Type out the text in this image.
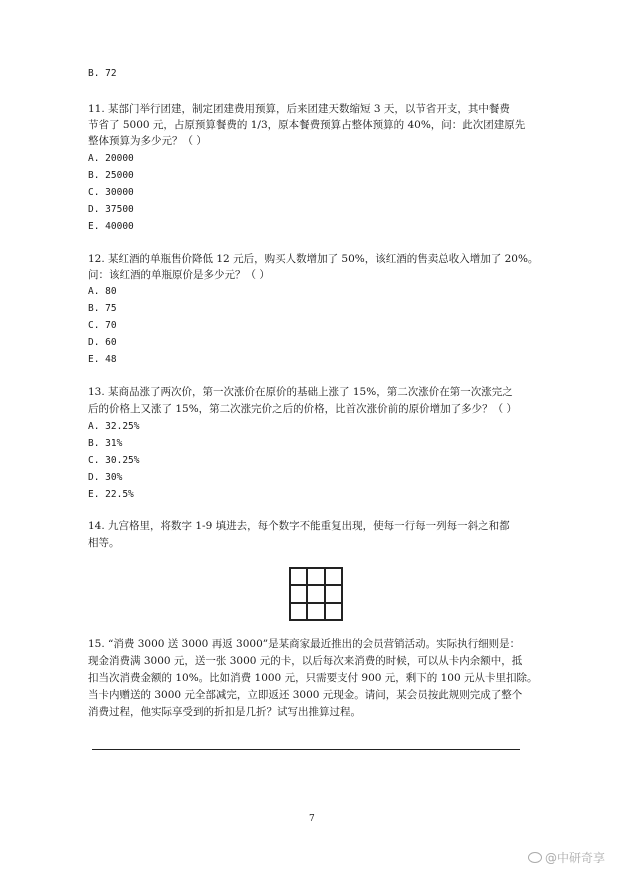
B. 72
11. 某部门举行团建，制定团建费用预算，后来团建天数缩短 3 天，以节省开支，其中餐费
节省了 5000 元，占原预算餐费的 1/3，原本餐费预算占整体预算的 40%，问：此次团建原先
整体预算为多少元？（ ）
A. 20000
B. 25000
C. 30000
D. 37500
E. 40000
12. 某红酒的单瓶售价降低 12 元后，购买人数增加了 50%，该红酒的售卖总收入增加了 20%。
问：该红酒的单瓶原价是多少元？（ ）
A. 80
B. 75
C. 70
D. 60
E. 48
13. 某商品涨了两次价，第一次涨价在原价的基础上涨了 15%，第二次涨价在第一次涨完之
后的价格上又涨了 15%，第二次涨完价之后的价格，比首次涨价前的原价增加了多少？（ ）
A. 32.25%
B. 31%
C. 30.25%
D. 30%
E. 22.5%
14. 九宫格里，将数字 1-9 填进去，每个数字不能重复出现，使每一行每一列每一斜之和都
相等。
15. “消费 3000 送 3000 再返 3000”是某商家最近推出的会员营销活动。实际执行细则是：
现金消费满 3000 元，送一张 3000 元的卡，以后每次来消费的时候，可以从卡内余额中，抵
扣当次消费金额的 10%。比如消费 1000 元，只需要支付 900 元，剩下的 100 元从卡里扣除。
当卡内赠送的 3000 元全部减完，立即返还 3000 元现金。请问，某会员按此规则完成了整个
消费过程，他实际享受到的折扣是几折？试写出推算过程。
7
@中研奇享
